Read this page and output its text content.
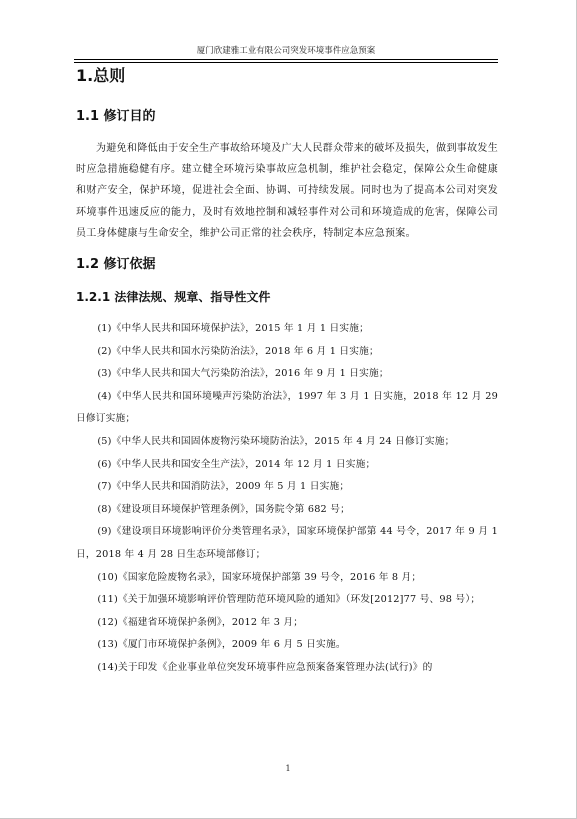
厦门欣建雅工业有限公司突发环境事件应急预案
1.总则
1.1 修订目的

为避免和降低由于安全生产事故给环境及广大人民群众带来的破坏及损失，做到事故发生时应急措施稳健有序。建立健全环境污染事故应急机制，维护社会稳定，保障公众生命健康和财产安全，保护环境，促进社会全面、协调、可持续发展。同时也为了提高本公司对突发环境事件迅速反应的能力，及时有效地控制和减轻事件对公司和环境造成的危害，保障公司员工身体健康与生命安全，维护公司正常的社会秩序，特制定本应急预案。

1.2 修订依据
1.2.1 法律法规、规章、指导性文件
(1)《中华人民共和国环境保护法》，2015 年 1 月 1 日实施；
(2)《中华人民共和国水污染防治法》，2018 年 6 月 1 日实施；
(3)《中华人民共和国大气污染防治法》，2016 年 9 月 1 日实施；
(4)《中华人民共和国环境噪声污染防治法》，1997 年 3 月 1 日实施，2018 年 12 月 29 日修订实施；
(5)《中华人民共和国固体废物污染环境防治法》，2015 年 4 月 24 日修订实施；
(6)《中华人民共和国安全生产法》，2014 年 12 月 1 日实施；
(7)《中华人民共和国消防法》，2009 年 5 月 1 日实施；
(8)《建设项目环境保护管理条例》，国务院令第 682 号；
(9)《建设项目环境影响评价分类管理名录》，国家环境保护部第 44 号令，2017 年 9 月 1 日，2018 年 4 月 28 日生态环境部修订；
(10)《国家危险废物名录》，国家环境保护部第 39 号令，2016 年 8 月；
(11)《关于加强环境影响评价管理防范环境风险的通知》（环发[2012]77 号、98 号）；
(12)《福建省环境保护条例》，2012 年 3 月；
(13)《厦门市环境保护条例》，2009 年 6 月 5 日实施。
(14)关于印发《企业事业单位突发环境事件应急预案备案管理办法(试行)》的
1
